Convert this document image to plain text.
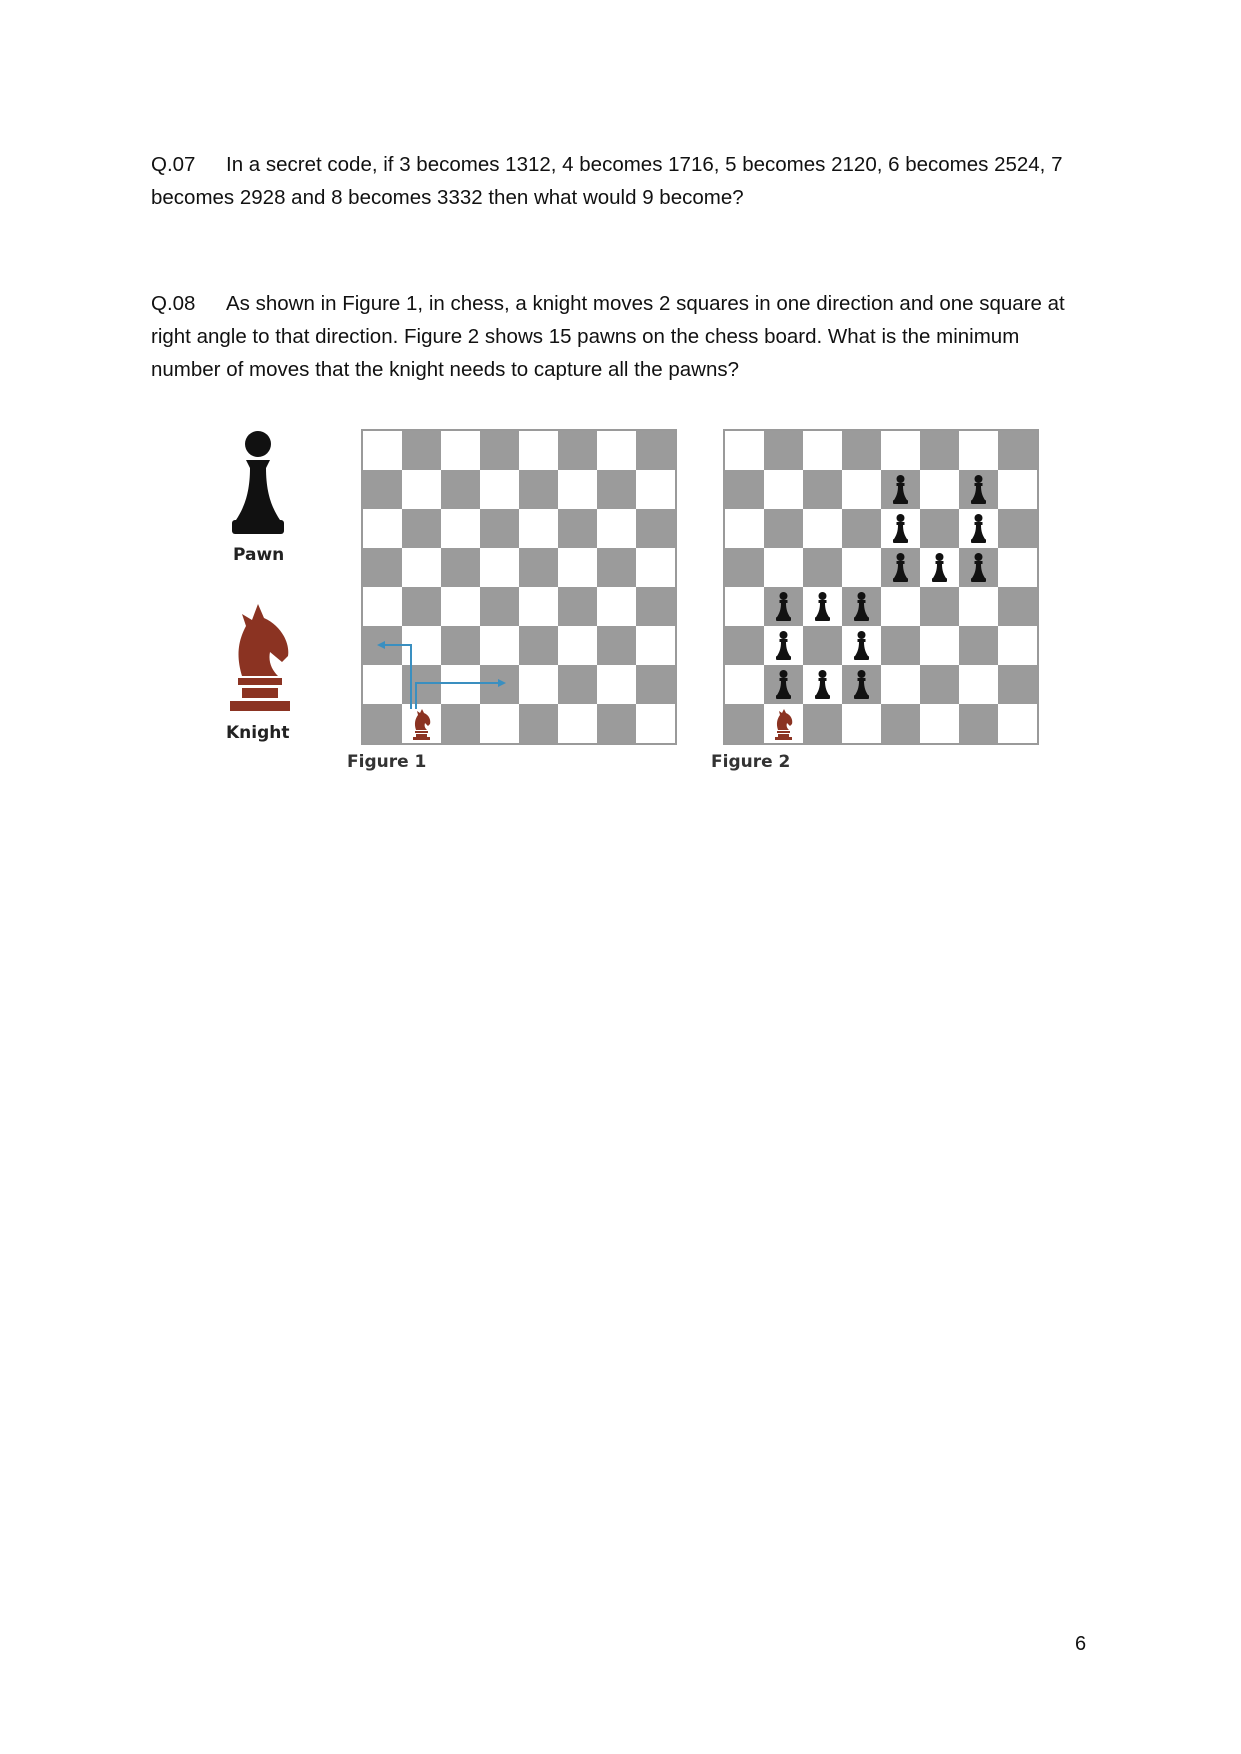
Q.07 In a secret code, if 3 becomes 1312, 4 becomes 1716, 5 becomes 2120, 6 becomes 2524, 7 becomes 2928 and 8 becomes 3332 then what would 9 become?
Q.08 As shown in Figure 1, in chess, a knight moves 2 squares in one direction and one square at right angle to that direction. Figure 2 shows 15 pawns on the chess board. What is the minimum number of moves that the knight needs to capture all the pawns?
Pawn
Knight
Figure 1	Figure 2
6
